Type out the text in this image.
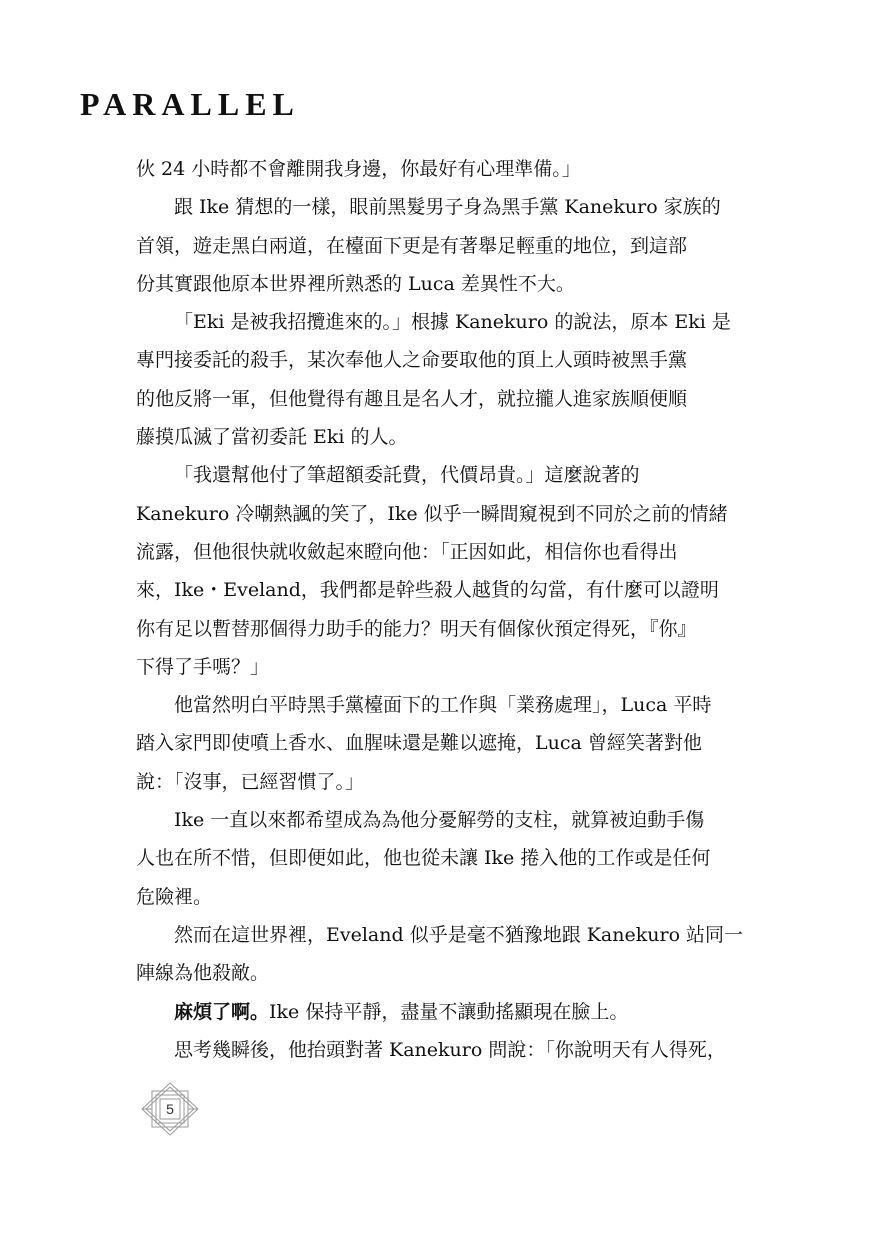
PARALLEL

伙 24 小時都不會離開我身邊，你最好有心理準備。」

跟 Ike 猜想的一樣，眼前黑髮男子身為黑手黨 Kanekuro 家族的

首領，遊走黑白兩道，在檯面下更是有著舉足輕重的地位，到這部

份其實跟他原本世界裡所熟悉的 Luca 差異性不大。

「Eki 是被我招攬進來的。」根據 Kanekuro 的說法，原本 Eki 是

專門接委託的殺手，某次奉他人之命要取他的頂上人頭時被黑手黨

的他反將一軍，但他覺得有趣且是名人才，就拉攏人進家族順便順

藤摸瓜滅了當初委託 Eki 的人。

「我還幫他付了筆超額委託費，代價昂貴。」這麼說著的

Kanekuro 冷嘲熱諷的笑了，Ike 似乎一瞬間窺視到不同於之前的情緒

流露，但他很快就收斂起來瞪向他：「正因如此，相信你也看得出

來，Ike・Eveland，我們都是幹些殺人越貨的勾當，有什麼可以證明

你有足以暫替那個得力助手的能力？明天有個傢伙預定得死，『你』

下得了手嗎？」

他當然明白平時黑手黨檯面下的工作與「業務處理」，Luca 平時

踏入家門即使噴上香水、血腥味還是難以遮掩，Luca 曾經笑著對他

說：「沒事，已經習慣了。」

Ike 一直以來都希望成為為他分憂解勞的支柱，就算被迫動手傷

人也在所不惜，但即便如此，他也從未讓 Ike 捲入他的工作或是任何

危險裡。

然而在這世界裡，Eveland 似乎是毫不猶豫地跟 Kanekuro 站同一

陣線為他殺敵。

麻煩了啊。Ike 保持平靜，盡量不讓動搖顯現在臉上。

思考幾瞬後，他抬頭對著 Kanekuro 問說：「你說明天有人得死，

5
